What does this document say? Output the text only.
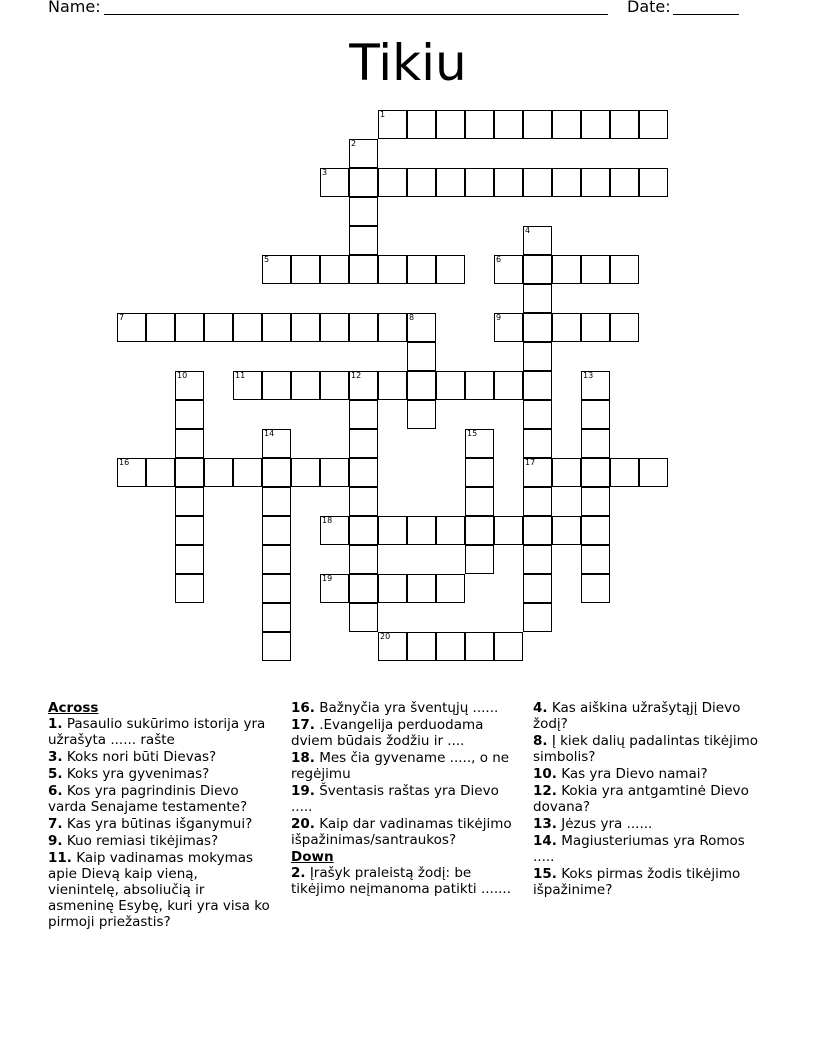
Name:	Date:
Tikiu
1
2
3
4
5	6
7	8	9
10	11	12	13
14	15
16	17
18
19
20
Across
1. Pasaulio sukūrimo istorija yra užrašyta ...... rašte
3. Koks nori būti Dievas?
5. Koks yra gyvenimas?
6. Kos yra pagrindinis Dievo varda Senajame testamente?
7. Kas yra būtinas išganymui?
9. Kuo remiasi tikėjimas?
11. Kaip vadinamas mokymas apie Dievą kaip vieną, vienintelę, absoliučią ir asmeninę Esybę, kuri yra visa ko pirmoji priežastis?
16. Bažnyčia yra šventųjų ......
17. .Evangelija perduodama dviem būdais žodžiu ir ....
18. Mes čia gyvename ....., o ne regėjimu
19. Šventasis raštas yra Dievo .....
20. Kaip dar vadinamas tikėjimo išpažinimas/santraukos?
Down
2. Įrašyk praleistą žodį: be tikėjimo neįmanoma patikti .......
4. Kas aiškina užrašytąjį Dievo žodį?
8. Į kiek dalių padalintas tikėjimo simbolis?
10. Kas yra Dievo namai?
12. Kokia yra antgamtinė Dievo dovana?
13. Jėzus yra ......
14. Magiusteriumas yra Romos .....
15. Koks pirmas žodis tikėjimo išpažinime?
